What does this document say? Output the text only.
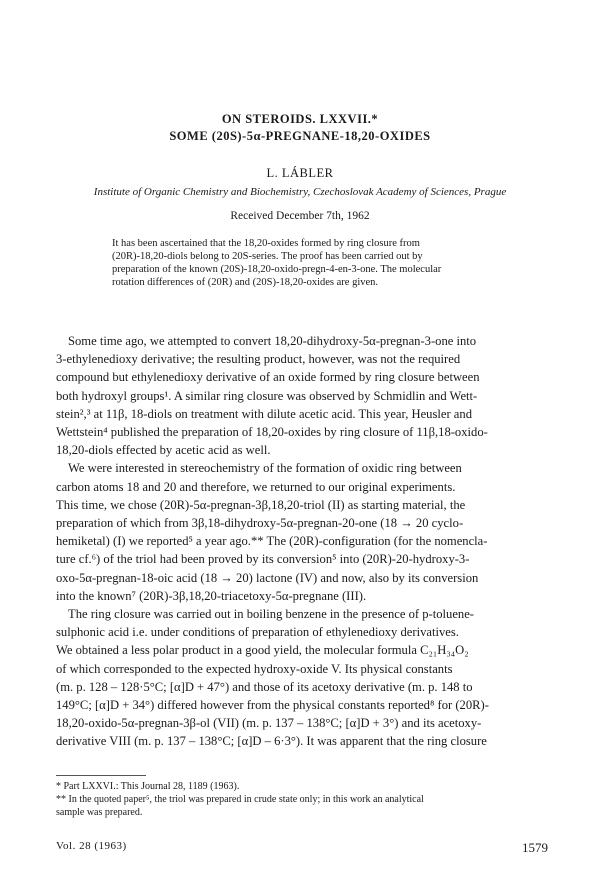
ON STEROIDS. LXXVII.*
SOME (20S)-5α-PREGNANE-18,20-OXIDES
L. LÁBLER
Institute of Organic Chemistry and Biochemistry, Czechoslovak Academy of Sciences, Prague
Received December 7th, 1962
It has been ascertained that the 18,20-oxides formed by ring closure from
(20R)-18,20-diols belong to 20S-series. The proof has been carried out by
preparation of the known (20S)-18,20-oxido-pregn-4-en-3-one. The molecular
rotation differences of (20R) and (20S)-18,20-oxides are given.
Some time ago, we attempted to convert 18,20-dihydroxy-5α-pregnan-3-one into
3-ethylenedioxy derivative; the resulting product, however, was not the required
compound but ethylenedioxy derivative of an oxide formed by ring closure between
both hydroxyl groups¹. A similar ring closure was observed by Schmidlin and Wett-
stein²,³ at 11β, 18-diols on treatment with dilute acetic acid. This year, Heusler and
Wettstein⁴ published the preparation of 18,20-oxides by ring closure of 11β,18-oxido-
18,20-diols effected by acetic acid as well.
We were interested in stereochemistry of the formation of oxidic ring between
carbon atoms 18 and 20 and therefore, we returned to our original experiments.
This time, we chose (20R)-5α-pregnan-3β,18,20-triol (II) as starting material, the
preparation of which from 3β,18-dihydroxy-5α-pregnan-20-one (18 → 20 cyclo-
hemiketal) (I) we reported⁵ a year ago.** The (20R)-configuration (for the nomencla-
ture cf.⁶) of the triol had been proved by its conversion⁵ into (20R)-20-hydroxy-3-
oxo-5α-pregnan-18-oic acid (18 → 20) lactone (IV) and now, also by its conversion
into the known⁷ (20R)-3β,18,20-triacetoxy-5α-pregnane (III).
The ring closure was carried out in boiling benzene in the presence of p-toluene-
sulphonic acid i.e. under conditions of preparation of ethylenedioxy derivatives.
We obtained a less polar product in a good yield, the molecular formula C₂₁H₃₄O₂
of which corresponded to the expected hydroxy-oxide V. Its physical constants
(m. p. 128 – 128·5°C; [α]D + 47°) and those of its acetoxy derivative (m. p. 148 to
149°C; [α]D + 34°) differed however from the physical constants reported⁸ for (20R)-
18,20-oxido-5α-pregnan-3β-ol (VII) (m. p. 137 – 138°C; [α]D + 3°) and its acetoxy-
derivative VIII (m. p. 137 – 138°C; [α]D – 6·3°). It was apparent that the ring closure
* Part LXXVI.: This Journal 28, 1189 (1963).
** In the quoted paper⁵, the triol was prepared in crude state only; in this work an analytical
sample was prepared.
Vol. 28 (1963)	1579
